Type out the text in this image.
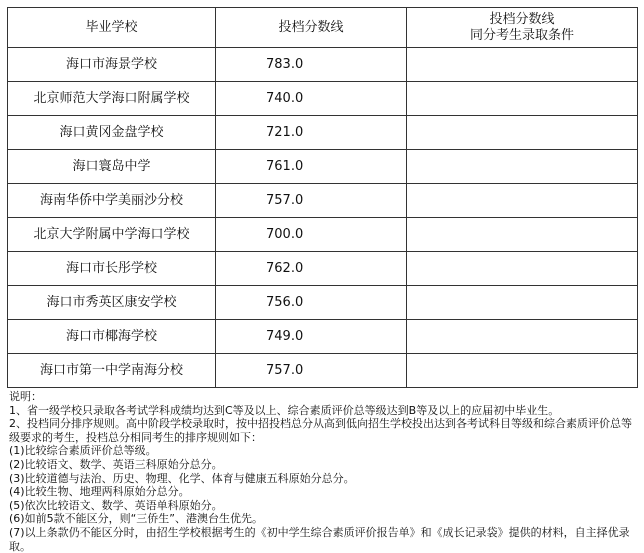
毕业学校	投档分数线	投档分数线
同分考生录取条件

海口市海景学校	783.0	
北京师范大学海口附属学校	740.0	
海口黄冈金盘学校	721.0	
海口寰岛中学	761.0	
海南华侨中学美丽沙分校	757.0	
北京大学附属中学海口学校	700.0	
海口市长彤学校	762.0	
海口市秀英区康安学校	756.0	
海口市椰海学校	749.0	
海口市第一中学南海分校	757.0	
说明：
1、省一级学校只录取各考试学科成绩均达到C等及以上、综合素质评价总等级达到B等及以上的应届初中毕业生。
2、投档同分排序规则。高中阶段学校录取时，按中招投档总分从高到低向招生学校投出达到各考试科目等级和综合素质评价总等级要求的考生，投档总分相同考生的排序规则如下：
(1)比较综合素质评价总等级。
(2)比较语文、数学、英语三科原始分总分。
(3)比较道德与法治、历史、物理、化学、体育与健康五科原始分总分。
(4)比较生物、地理两科原始分总分。
(5)依次比较语文、数学、英语单科原始分。
(6)如前5款不能区分，则“三侨生”、港澳台生优先。
(7)以上条款仍不能区分时，由招生学校根据考生的《初中学生综合素质评价报告单》和《成长记录袋》提供的材料，自主择优录取。
